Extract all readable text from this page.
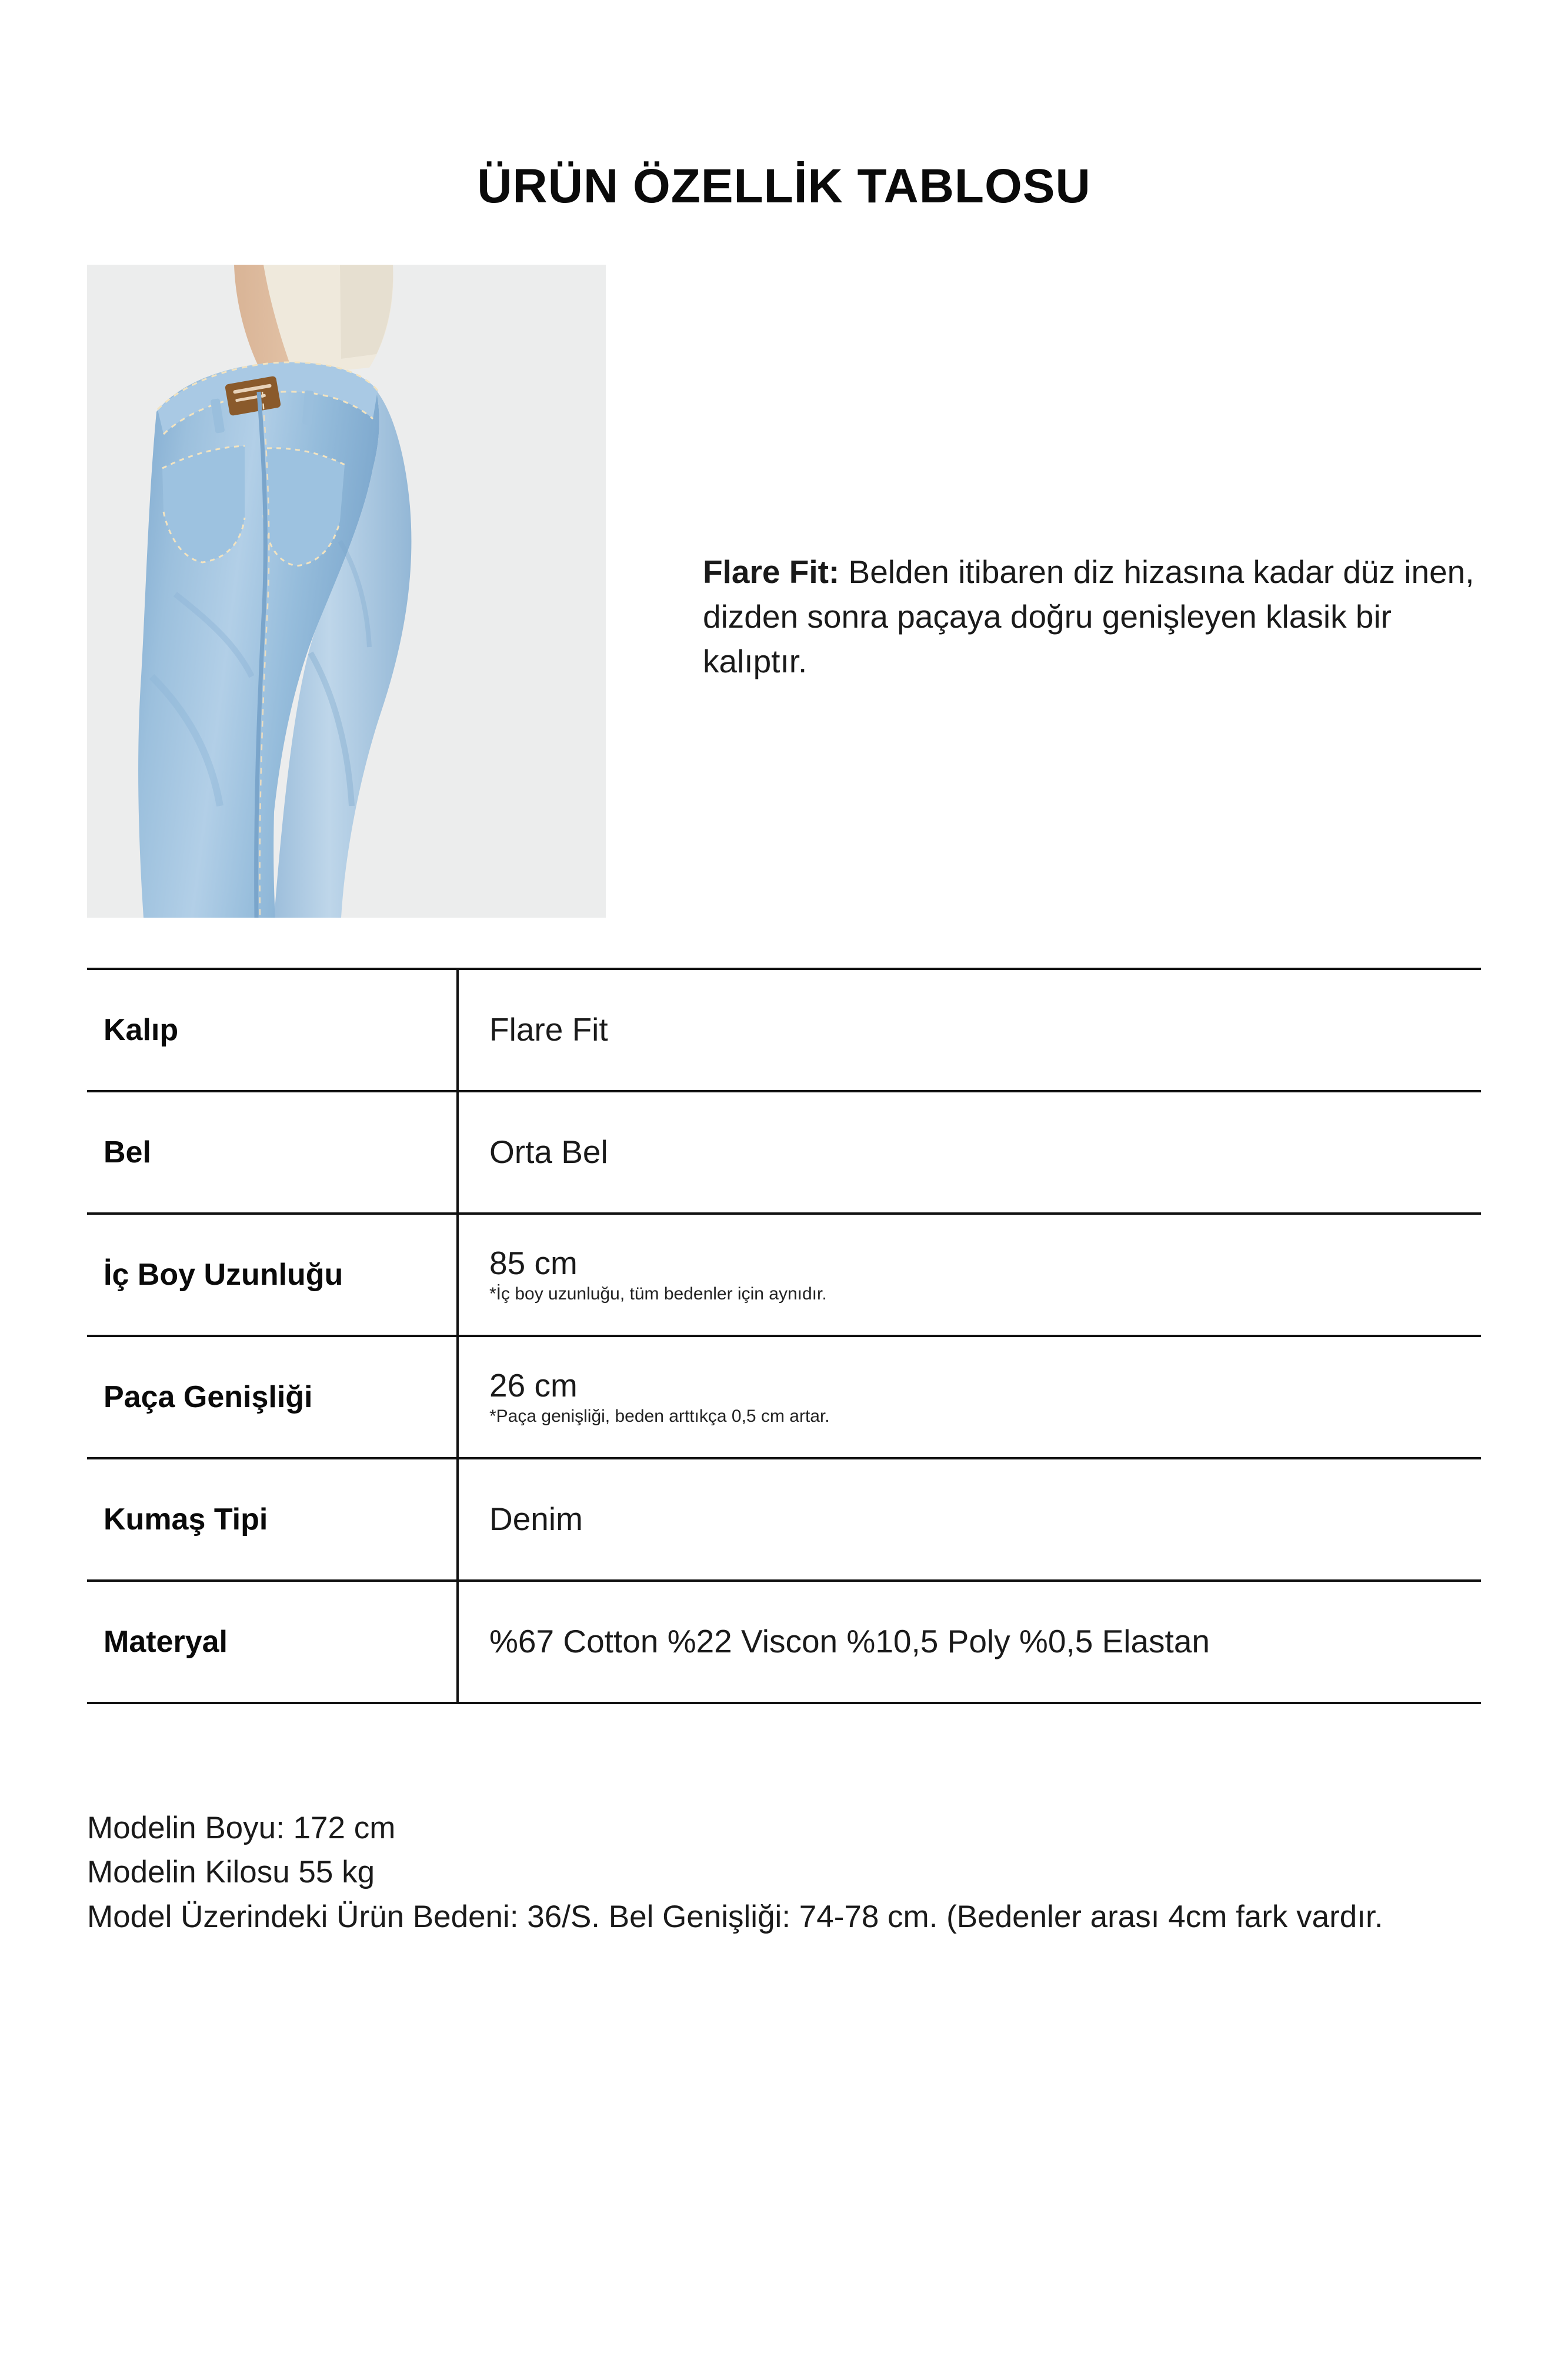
ÜRÜN ÖZELLİK TABLOSU

Flare Fit: Belden itibaren diz hizasına kadar düz inen, dizden sonra paçaya doğru genişleyen klasik bir kalıptır.

Kalıp	Flare Fit

Bel	Orta Bel

İç Boy Uzunluğu	85 cm
*İç boy uzunluğu, tüm bedenler için aynıdır.

Paça Genişliği	26 cm
*Paça genişliği, beden arttıkça 0,5 cm artar.

Kumaş Tipi	Denim

Materyal	%67 Cotton %22 Viscon %10,5 Poly %0,5 Elastan
Modelin Boyu: 172 cm
Modelin Kilosu 55 kg
Model Üzerindeki Ürün Bedeni: 36/S. Bel Genişliği: 74-78 cm. (Bedenler arası 4cm fark vardır.
